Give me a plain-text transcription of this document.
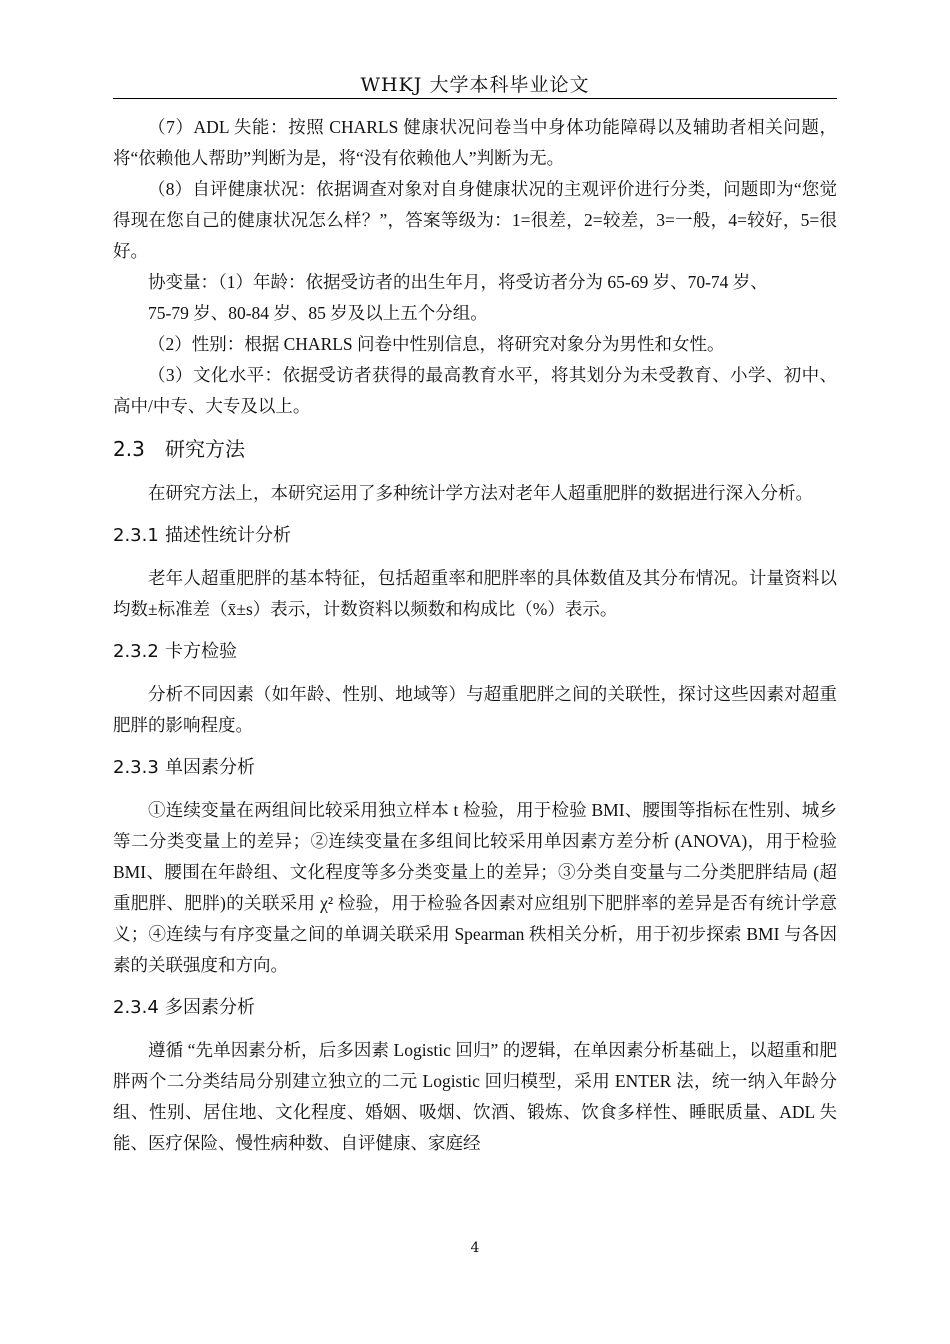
WHKJ 大学本科毕业论文

（7）ADL 失能：按照 CHARLS 健康状况问卷当中身体功能障碍以及辅助者相关问题，将“依赖他人帮助”判断为是，将“没有依赖他人”判断为无。

（8）自评健康状况：依据调查对象对自身健康状况的主观评价进行分类，问题即为“您觉得现在您自己的健康状况怎么样？”，答案等级为：1=很差，2=较差，3=一般，4=较好，5=很好。

协变量：（1）年龄：依据受访者的出生年月，将受访者分为 65-69 岁、70-74 岁、

75-79 岁、80-84 岁、85 岁及以上五个分组。

（2）性别：根据 CHARLS 问卷中性别信息，将研究对象分为男性和女性。

（3）文化水平：依据受访者获得的最高教育水平，将其划分为未受教育、小学、初中、高中/中专、大专及以上。

2.3 研究方法

在研究方法上，本研究运用了多种统计学方法对老年人超重肥胖的数据进行深入分析。

2.3.1 描述性统计分析

老年人超重肥胖的基本特征，包括超重率和肥胖率的具体数值及其分布情况。计量资料以均数±标准差（x̄±s）表示，计数资料以频数和构成比（%）表示。

2.3.2 卡方检验

分析不同因素（如年龄、性别、地域等）与超重肥胖之间的关联性，探讨这些因素对超重肥胖的影响程度。

2.3.3 单因素分析

①连续变量在两组间比较采用独立样本 t 检验，用于检验 BMI、腰围等指标在性别、城乡等二分类变量上的差异；②连续变量在多组间比较采用单因素方差分析 (ANOVA)，用于检验 BMI、腰围在年龄组、文化程度等多分类变量上的差异；③分类自变量与二分类肥胖结局 (超重肥胖、肥胖)的关联采用 χ² 检验，用于检验各因素对应组别下肥胖率的差异是否有统计学意义；④连续与有序变量之间的单调关联采用 Spearman 秩相关分析，用于初步探索 BMI 与各因素的关联强度和方向。

2.3.4 多因素分析

遵循 “先单因素分析，后多因素 Logistic 回归” 的逻辑，在单因素分析基础上，以超重和肥胖两个二分类结局分别建立独立的二元 Logistic 回归模型，采用 ENTER 法，统一纳入年龄分组、性别、居住地、文化程度、婚姻、吸烟、饮酒、锻炼、饮食多样性、睡眠质量、ADL 失能、医疗保险、慢性病种数、自评健康、家庭经

4
